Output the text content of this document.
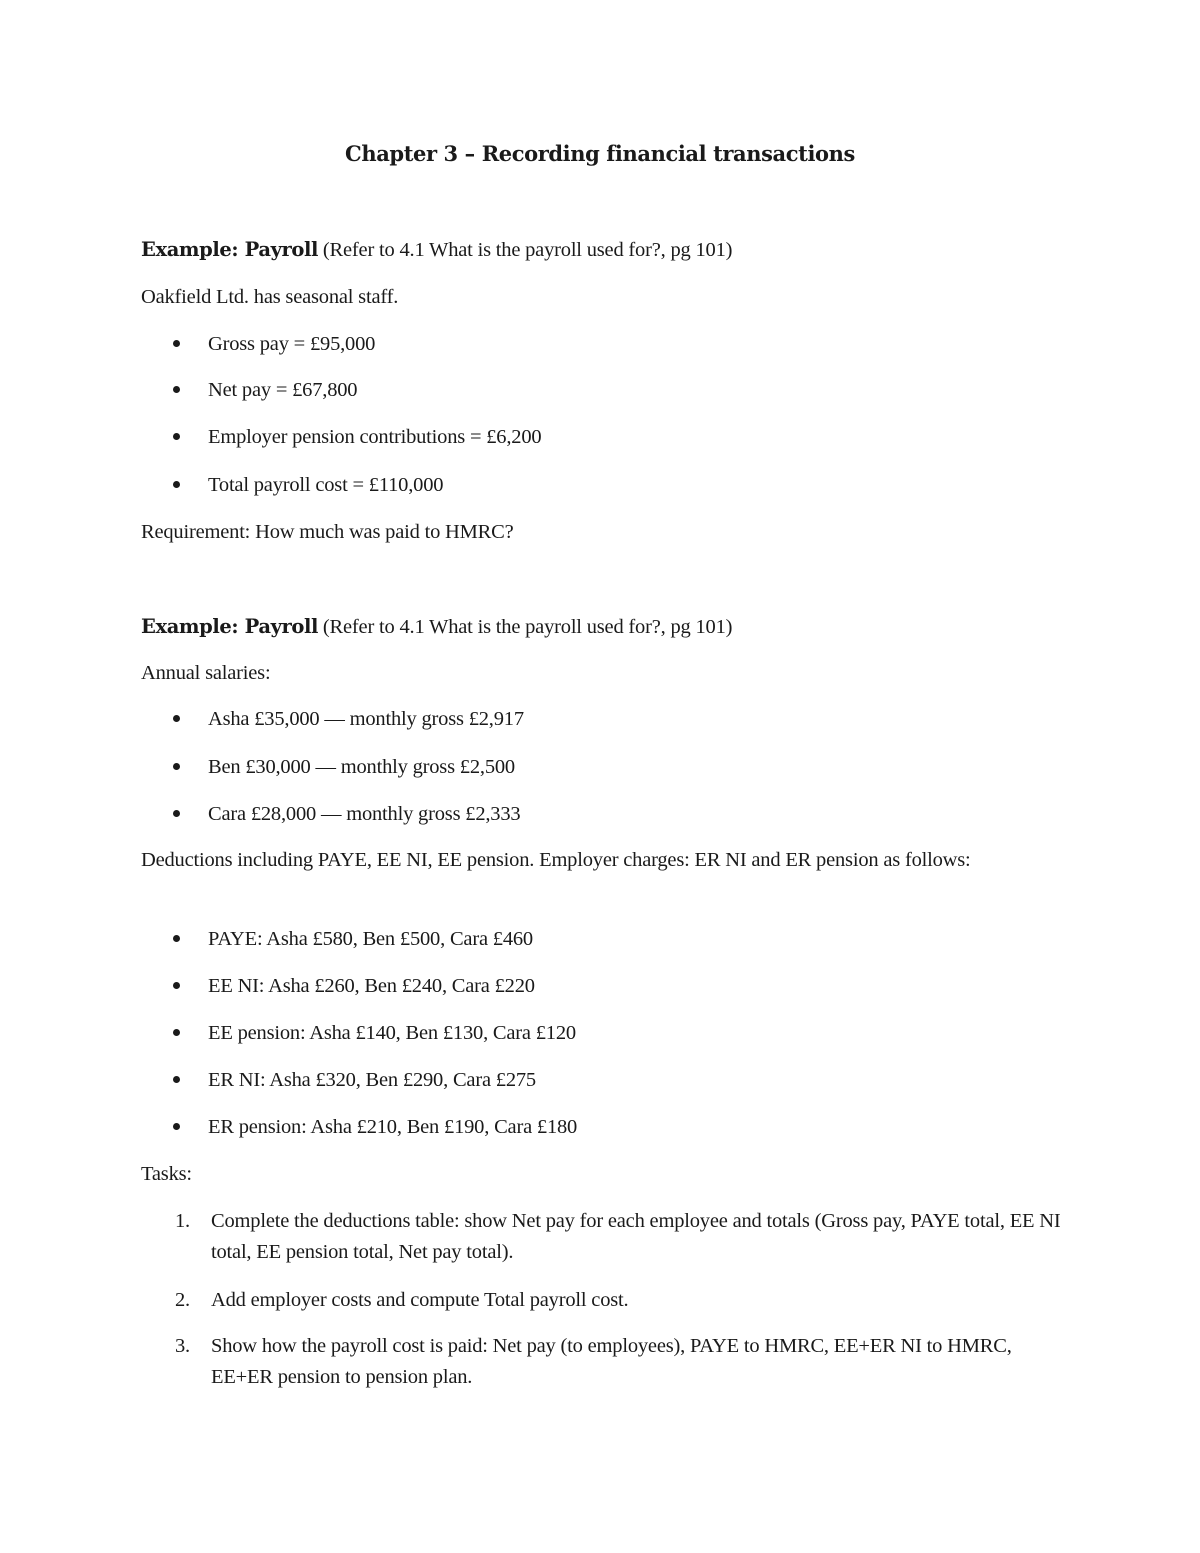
Chapter 3 – Recording financial transactions
Example: Payroll (Refer to 4.1 What is the payroll used for?, pg 101)
Oakfield Ltd. has seasonal staff.
Gross pay = £95,000
Net pay = £67,800
Employer pension contributions = £6,200
Total payroll cost = £110,000
Requirement: How much was paid to HMRC?
Example: Payroll (Refer to 4.1 What is the payroll used for?, pg 101)
Annual salaries:
Asha £35,000 — monthly gross £2,917
Ben £30,000 — monthly gross £2,500
Cara £28,000 — monthly gross £2,333
Deductions including PAYE, EE NI, EE pension. Employer charges: ER NI and ER pension as follows:
PAYE: Asha £580, Ben £500, Cara £460
EE NI: Asha £260, Ben £240, Cara £220
EE pension: Asha £140, Ben £130, Cara £120
ER NI: Asha £320, Ben £290, Cara £275
ER pension: Asha £210, Ben £190, Cara £180
Tasks:
1. Complete the deductions table: show Net pay for each employee and totals (Gross pay, PAYE total, EE NI total, EE pension total, Net pay total).
2. Add employer costs and compute Total payroll cost.
3. Show how the payroll cost is paid: Net pay (to employees), PAYE to HMRC, EE+ER NI to HMRC, EE+ER pension to pension plan.
